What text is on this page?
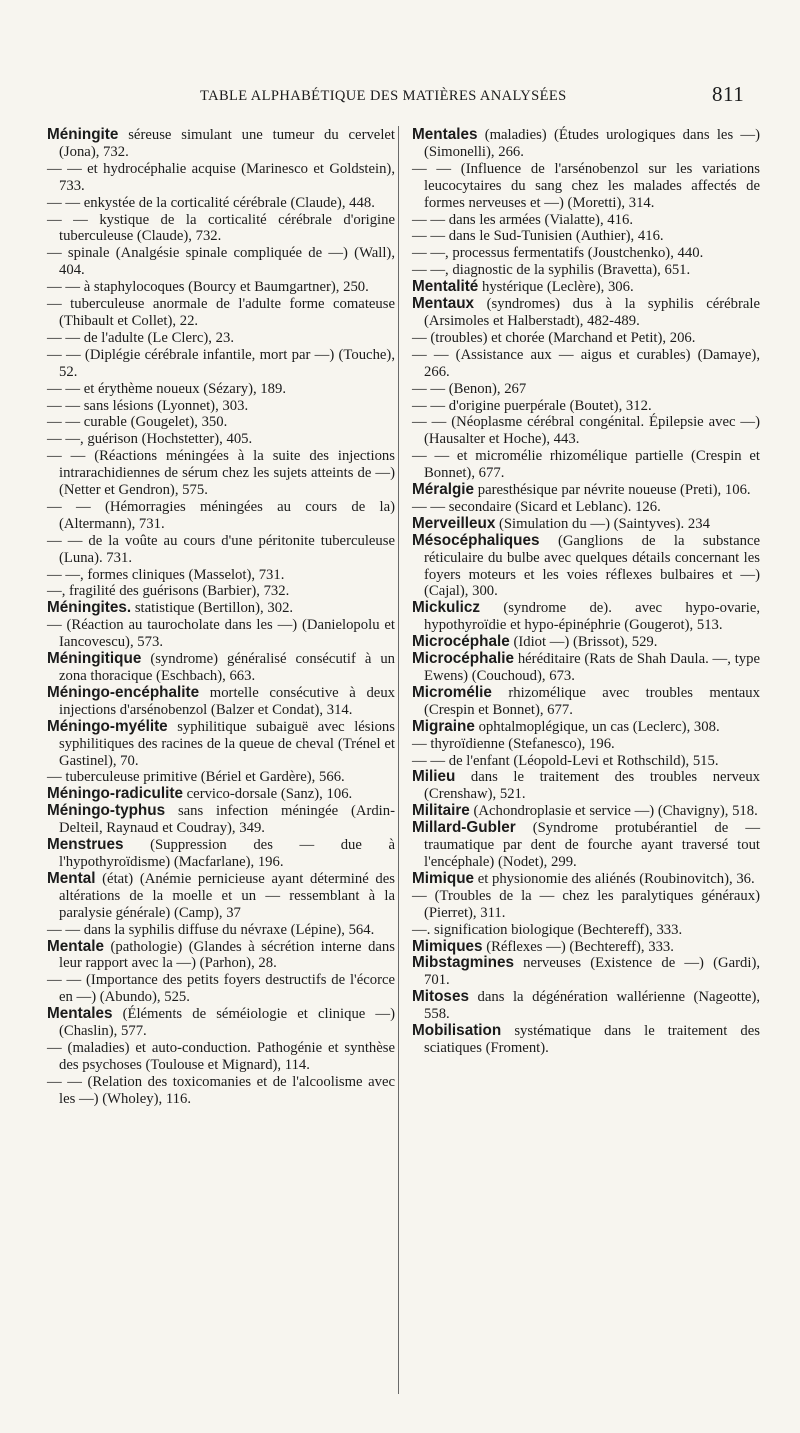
TABLE ALPHABÉTIQUE DES MATIÈRES ANALYSÉES	811

Méningite séreuse simulant une tumeur du cervelet (Jona), 732.

— — et hydrocéphalie acquise (Marinesco et Goldstein), 733.

— — enkystée de la corticalité cérébrale (Claude), 448.

— — kystique de la corticalité cérébrale d'origine tuberculeuse (Claude), 732.

— spinale (Analgésie spinale compliquée de —) (Wall), 404.

— — à staphylocoques (Bourcy et Baumgartner), 250.

— tuberculeuse anormale de l'adulte forme comateuse (Thibault et Collet), 22.

— — de l'adulte (Le Clerc), 23.

— — (Diplégie cérébrale infantile, mort par —) (Touche), 52.

— — et érythème noueux (Sézary), 189.

— — sans lésions (Lyonnet), 303.

— — curable (Gougelet), 350.

— —, guérison (Hochstetter), 405.

— — (Réactions méningées à la suite des injections intrarachidiennes de sérum chez les sujets atteints de —) (Netter et Gendron), 575.

— — (Hémorragies méningées au cours de la) (Altermann), 731.

— — de la voûte au cours d'une péritonite tuberculeuse (Luna). 731.

— —, formes cliniques (Masselot), 731.

—, fragilité des guérisons (Barbier), 732.

Méningites. statistique (Bertillon), 302.

— (Réaction au taurocholate dans les —) (Danielopolu et Iancovescu), 573.

Méningitique (syndrome) généralisé consécutif à un zona thoracique (Eschbach), 663.

Méningo-encéphalite mortelle consécutive à deux injections d'arsénobenzol (Balzer et Condat), 314.

Méningo-myélite syphilitique subaiguë avec lésions syphilitiques des racines de la queue de cheval (Trénel et Gastinel), 70.

— tuberculeuse primitive (Bériel et Gardère), 566.

Méningo-radiculite cervico-dorsale (Sanz), 106.

Méningo-typhus sans infection méningée (Ardin-Delteil, Raynaud et Coudray), 349.

Menstrues (Suppression des — due à l'hypothyroïdisme) (Macfarlane), 196.

Mental (état) (Anémie pernicieuse ayant déterminé des altérations de la moelle et un — ressemblant à la paralysie générale) (Camp), 37

— — dans la syphilis diffuse du névraxe (Lépine), 564.

Mentale (pathologie) (Glandes à sécrétion interne dans leur rapport avec la —) (Parhon), 28.

— — (Importance des petits foyers destructifs de l'écorce en —) (Abundo), 525.

Mentales (Éléments de séméiologie et clinique —) (Chaslin), 577.

— (maladies) et auto-conduction. Pathogénie et synthèse des psychoses (Toulouse et Mignard), 114.

— — (Relation des toxicomanies et de l'alcoolisme avec les —) (Wholey), 116.

Mentales (maladies) (Études urologiques dans les —) (Simonelli), 266.

— — (Influence de l'arsénobenzol sur les variations leucocytaires du sang chez les malades affectés de formes nerveuses et —) (Moretti), 314.

— — dans les armées (Vialatte), 416.

— — dans le Sud-Tunisien (Authier), 416.

— —, processus fermentatifs (Joustchenko), 440.

— —, diagnostic de la syphilis (Bravetta), 651.

Mentalité hystérique (Leclère), 306.

Mentaux (syndromes) dus à la syphilis cérébrale (Arsimoles et Halberstadt), 482-489.

— (troubles) et chorée (Marchand et Petit), 206.

— — (Assistance aux — aigus et curables) (Damaye), 266.

— — (Benon), 267

— — d'origine puerpérale (Boutet), 312.

— — (Néoplasme cérébral congénital. Épilepsie avec —) (Hausalter et Hoche), 443.

— — et micromélie rhizomélique partielle (Crespin et Bonnet), 677.

Méralgie paresthésique par névrite noueuse (Preti), 106.

— — secondaire (Sicard et Leblanc). 126.

Merveilleux (Simulation du —) (Saintyves). 234

Mésocéphaliques (Ganglions de la substance réticulaire du bulbe avec quelques détails concernant les foyers moteurs et les voies réflexes bulbaires et —) (Cajal), 300.

Mickulicz (syndrome de). avec hypo-ovarie, hypothyroïdie et hypo-épinéphrie (Gougerot), 513.

Microcéphale (Idiot —) (Brissot), 529.

Microcéphalie héréditaire (Rats de Shah Daula. —, type Ewens) (Couchoud), 673.

Micromélie rhizomélique avec troubles mentaux (Crespin et Bonnet), 677.

Migraine ophtalmoplégique, un cas (Leclerc), 308.

— thyroïdienne (Stefanesco), 196.

— — de l'enfant (Léopold-Levi et Rothschild), 515.

Milieu dans le traitement des troubles nerveux (Crenshaw), 521.

Militaire (Achondroplasie et service —) (Chavigny), 518.

Millard-Gubler (Syndrome protubérantiel de — traumatique par dent de fourche ayant traversé tout l'encéphale) (Nodet), 299.

Mimique et physionomie des aliénés (Roubinovitch), 36.

— (Troubles de la — chez les paralytiques généraux) (Pierret), 311.

—. signification biologique (Bechtereff), 333.

Mimiques (Réflexes —) (Bechtereff), 333.

Mibstagmines nerveuses (Existence de —) (Gardi), 701.

Mitoses dans la dégénération wallérienne (Nageotte), 558.

Mobilisation systématique dans le traitement des sciatiques (Froment).
